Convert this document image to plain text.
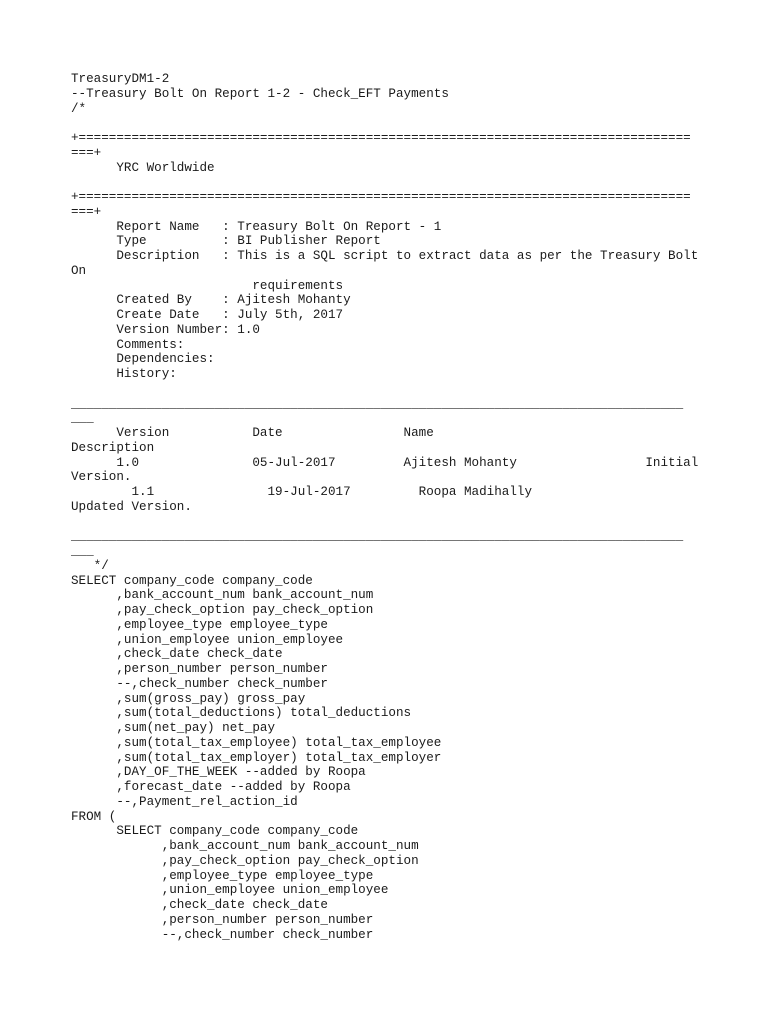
TreasuryDM1-2
--Treasury Bolt On Report 1-2 - Check_EFT Payments
/*
+=================================================================================
===+
YRC Worldwide
+=================================================================================
===+
Report Name   : Treasury Bolt On Report - 1
Type          : BI Publisher Report
Description   : This is a SQL script to extract data as per the Treasury Bolt
On
requirements
Created By    : Ajitesh Mohanty
Create Date   : July 5th, 2017
Version Number: 1.0
Comments:
Dependencies:
History:
_________________________________________________________________________________
___
Version           Date                Name
Description
1.0               05-Jul-2017         Ajitesh Mohanty                 Initial
Version.
1.1               19-Jul-2017         Roopa Madihally
Updated Version.
_________________________________________________________________________________
___
*/
SELECT company_code company_code
,bank_account_num bank_account_num
,pay_check_option pay_check_option
,employee_type employee_type
,union_employee union_employee
,check_date check_date
,person_number person_number
--,check_number check_number
,sum(gross_pay) gross_pay
,sum(total_deductions) total_deductions
,sum(net_pay) net_pay
,sum(total_tax_employee) total_tax_employee
,sum(total_tax_employer) total_tax_employer
,DAY_OF_THE_WEEK --added by Roopa
,forecast_date --added by Roopa
--,Payment_rel_action_id
FROM (
SELECT company_code company_code
,bank_account_num bank_account_num
,pay_check_option pay_check_option
,employee_type employee_type
,union_employee union_employee
,check_date check_date
,person_number person_number
--,check_number check_number
